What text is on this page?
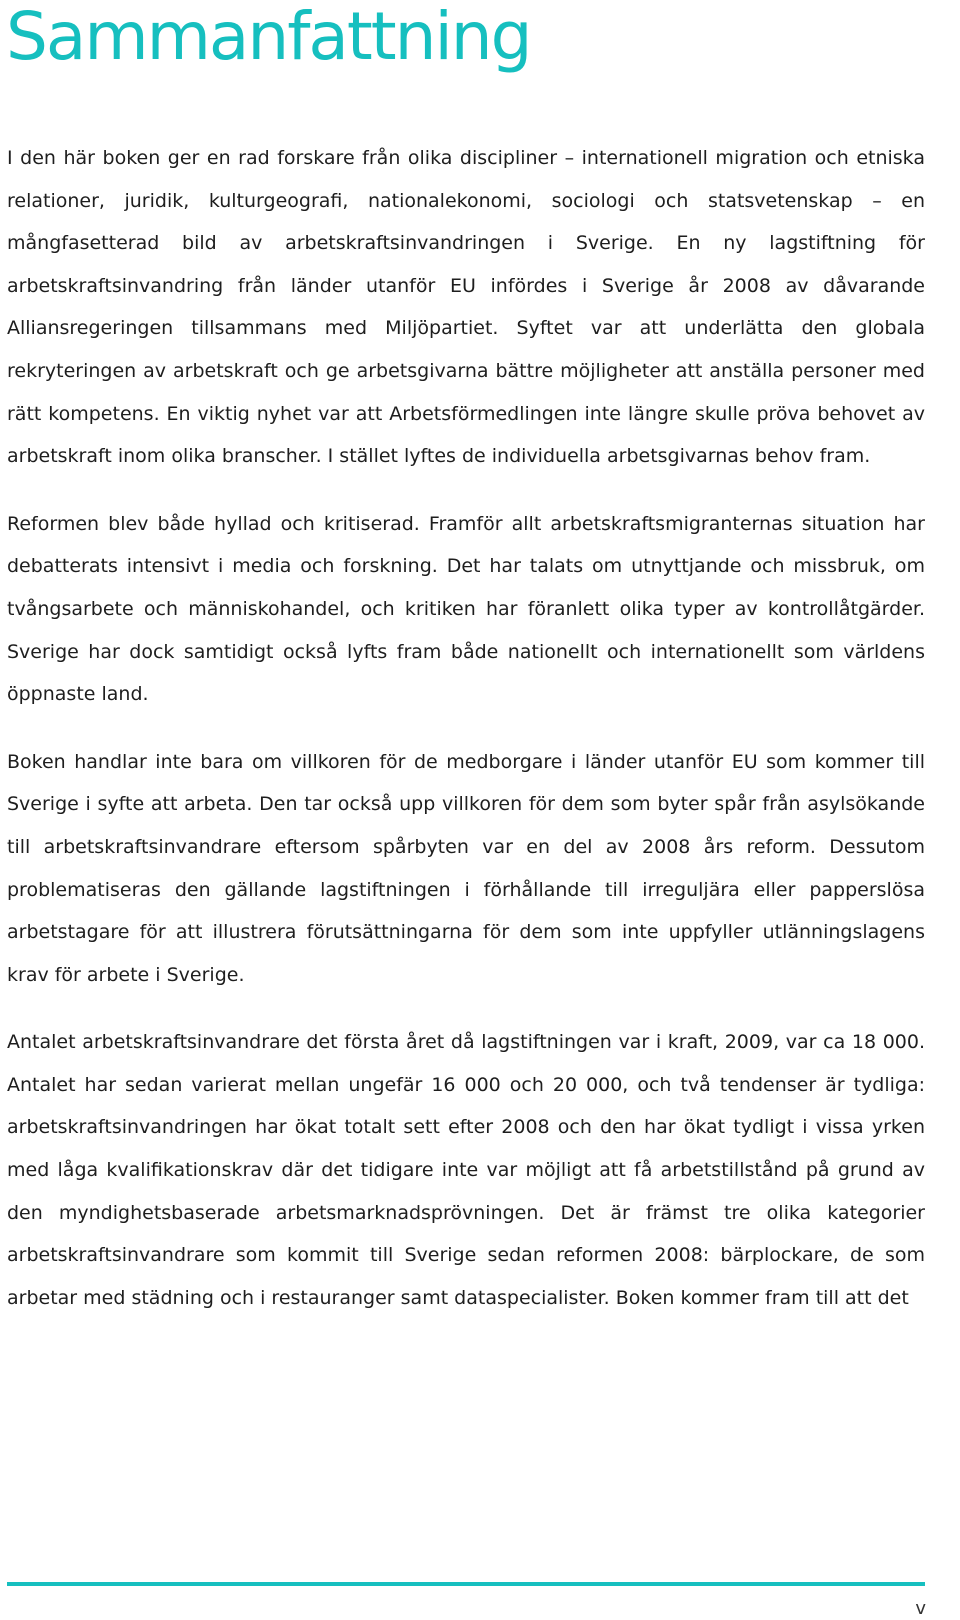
Sammanfattning

I den här boken ger en rad forskare från olika discipliner – internationell migration och etniska relationer, juridik, kulturgeografi, nationalekonomi, sociologi och statsvetenskap – en mångfasetterad bild av arbetskraftsinvandringen i Sverige. En ny lagstiftning för arbetskraftsinvandring från länder utanför EU infördes i Sverige år 2008 av dåvarande Alliansregeringen tillsammans med Miljöpartiet. Syftet var att underlätta den globala rekryteringen av arbetskraft och ge arbetsgivarna bättre möjligheter att anställa personer med rätt kompetens. En viktig nyhet var att Arbetsförmedlingen inte längre skulle pröva behovet av arbetskraft inom olika branscher. I stället lyftes de individuella arbetsgivarnas behov fram.

Reformen blev både hyllad och kritiserad. Framför allt arbetskraftsmigranternas situation har debatterats intensivt i media och forskning. Det har talats om utnyttjande och missbruk, om tvångsarbete och människohandel, och kritiken har föranlett olika typer av kontrollåtgärder. Sverige har dock samtidigt också lyfts fram både nationellt och internationellt som världens öppnaste land.

Boken handlar inte bara om villkoren för de medborgare i länder utanför EU som kommer till Sverige i syfte att arbeta. Den tar också upp villkoren för dem som byter spår från asylsökande till arbetskraftsinvandrare eftersom spårbyten var en del av 2008 års reform. Dessutom problematiseras den gällande lagstiftningen i förhållande till irreguljära eller papperslösa arbetstagare för att illustrera förutsättningarna för dem som inte uppfyller utlänningslagens krav för arbete i Sverige.

Antalet arbetskraftsinvandrare det första året då lagstiftningen var i kraft, 2009, var ca 18 000. Antalet har sedan varierat mellan ungefär 16 000 och 20 000, och två tendenser är tydliga: arbetskraftsinvandringen har ökat totalt sett efter 2008 och den har ökat tydligt i vissa yrken med låga kvalifikationskrav där det tidigare inte var möjligt att få arbetstillstånd på grund av den myndighetsbaserade arbetsmarknadsprövningen. Det är främst tre olika kategorier arbetskraftsinvandrare som kommit till Sverige sedan reformen 2008: bärplockare, de som arbetar med städning och i restauranger samt dataspecialister. Boken kommer fram till att det

v
